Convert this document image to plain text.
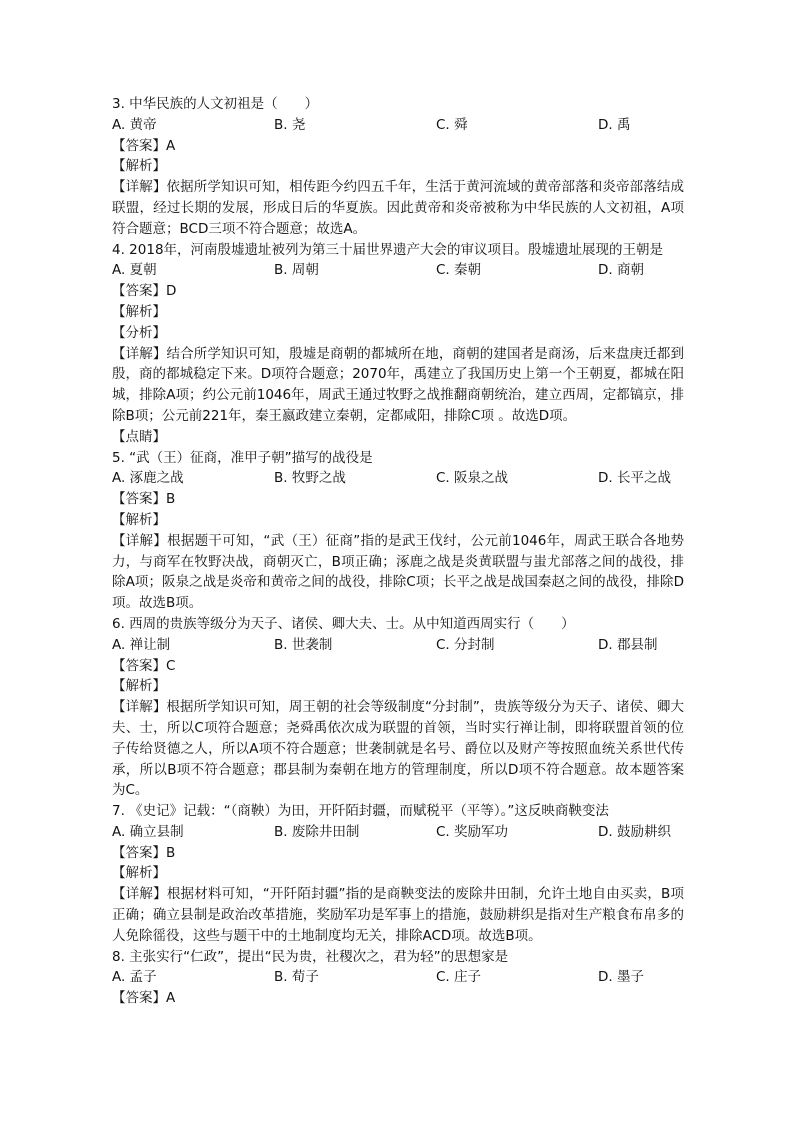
3. 中华民族的人文初祖是（　　）
A. 黄帝	B. 尧	C. 舜	D. 禹
【答案】A
【解析】
【详解】依据所学知识可知，相传距今约四五千年，生活于黄河流域的黄帝部落和炎帝部落结成联盟，经过长期的发展，形成日后的华夏族。因此黄帝和炎帝被称为中华民族的人文初祖，A项符合题意；BCD三项不符合题意；故选A。
4. 2018年，河南殷墟遗址被列为第三十届世界遗产大会的审议项目。殷墟遗址展现的王朝是
A. 夏朝	B. 周朝	C. 秦朝	D. 商朝
【答案】D
【解析】
【分析】
【详解】结合所学知识可知，殷墟是商朝的都城所在地，商朝的建国者是商汤，后来盘庚迁都到殷，商的都城稳定下来。D项符合题意；2070年，禹建立了我国历史上第一个王朝夏，都城在阳城，排除A项；约公元前1046年，周武王通过牧野之战推翻商朝统治，建立西周，定都镐京，排除B项；公元前221年，秦王嬴政建立秦朝，定都咸阳，排除C项 。故选D项。
【点睛】
5. “武（王）征商，准甲子朝”描写的战役是
A. 涿鹿之战	B. 牧野之战	C. 阪泉之战	D. 长平之战
【答案】B
【解析】
【详解】根据题干可知，“武（王）征商”指的是武王伐纣，公元前1046年，周武王联合各地势力，与商军在牧野决战，商朝灭亡，B项正确；涿鹿之战是炎黄联盟与蚩尤部落之间的战役，排除A项；阪泉之战是炎帝和黄帝之间的战役，排除C项；长平之战是战国秦赵之间的战役，排除D项。故选B项。
6. 西周的贵族等级分为天子、诸侯、卿大夫、士。从中知道西周实行（　　）
A. 禅让制	B. 世袭制	C. 分封制	D. 郡县制
【答案】C
【解析】
【详解】根据所学知识可知，周王朝的社会等级制度“分封制”，贵族等级分为天子、诸侯、卿大夫、士，所以C项符合题意；尧舜禹依次成为联盟的首领，当时实行禅让制，即将联盟首领的位子传给贤德之人，所以A项不符合题意；世袭制就是名号、爵位以及财产等按照血统关系世代传承，所以B项不符合题意；郡县制为秦朝在地方的管理制度，所以D项不符合题意。故本题答案为C。
7. 《史记》记载：“（商鞅）为田，开阡陌封疆，而赋税平（平等）。”这反映商鞅变法
A. 确立县制	B. 废除井田制	C. 奖励军功	D. 鼓励耕织
【答案】B
【解析】
【详解】根据材料可知，“开阡陌封疆”指的是商鞅变法的废除井田制，允许土地自由买卖，B项正确；确立县制是政治改革措施，奖励军功是军事上的措施，鼓励耕织是指对生产粮食布帛多的人免除徭役，这些与题干中的土地制度均无关，排除ACD项。故选B项。
8. 主张实行“仁政”，提出“民为贵，社稷次之，君为轻”的思想家是
A. 孟子	B. 荀子	C. 庄子	D. 墨子
【答案】A
